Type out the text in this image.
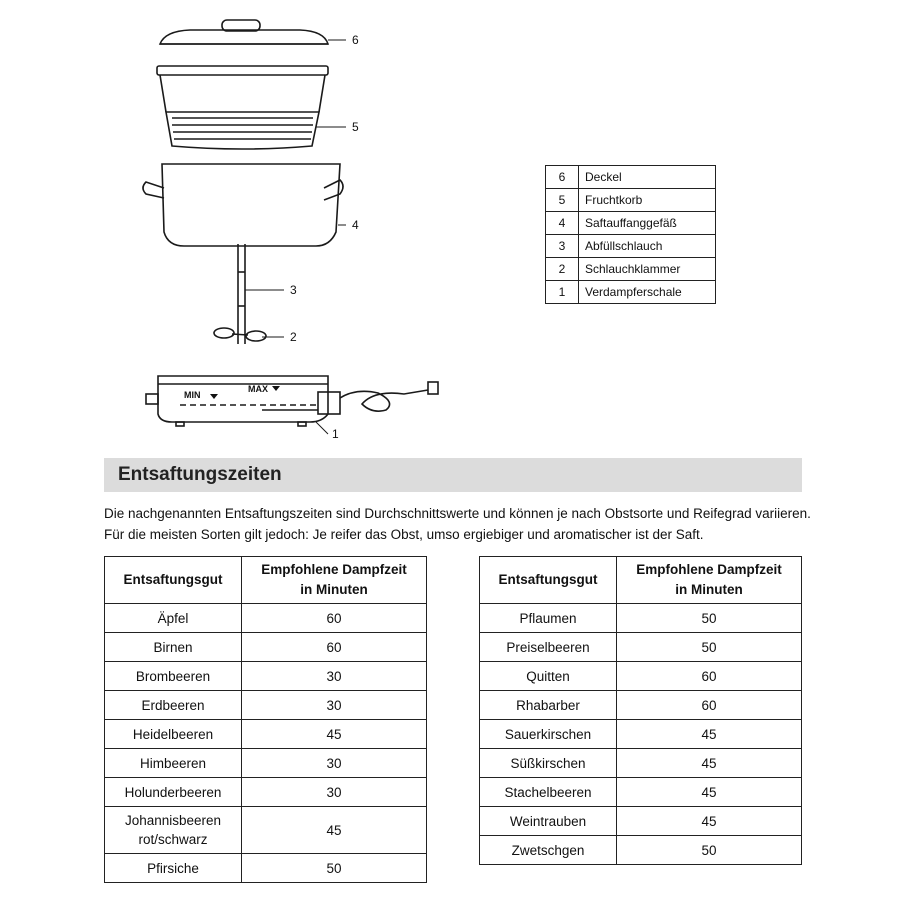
6
5
4
3
2
1
MIN
MAX
6	Deckel
5	Fruchtkorb
4	Saftauffanggefäß
3	Abfüllschlauch
2	Schlauchklammer
1	Verdampferschale
Entsaftungszeiten

Die nachgenannten Entsaftungszeiten sind Durchschnittswerte und können je nach Obstsorte und Reifegrad variieren.

Für die meisten Sorten gilt jedoch: Je reifer das Obst, umso ergiebiger und aromatischer ist der Saft.

Entsaftungsgut	Empfohlene Dampfzeit
in Minuten
Äpfel	60
Birnen	60
Brombeeren	30
Erdbeeren	30
Heidelbeeren	45
Himbeeren	30
Holunderbeeren	30
Johannisbeeren
rot/schwarz	45
Pfirsiche	50
Entsaftungsgut	Empfohlene Dampfzeit
in Minuten
Pflaumen	50
Preiselbeeren	50
Quitten	60
Rhabarber	60
Sauerkirschen	45
Süßkirschen	45
Stachelbeeren	45
Weintrauben	45
Zwetschgen	50
